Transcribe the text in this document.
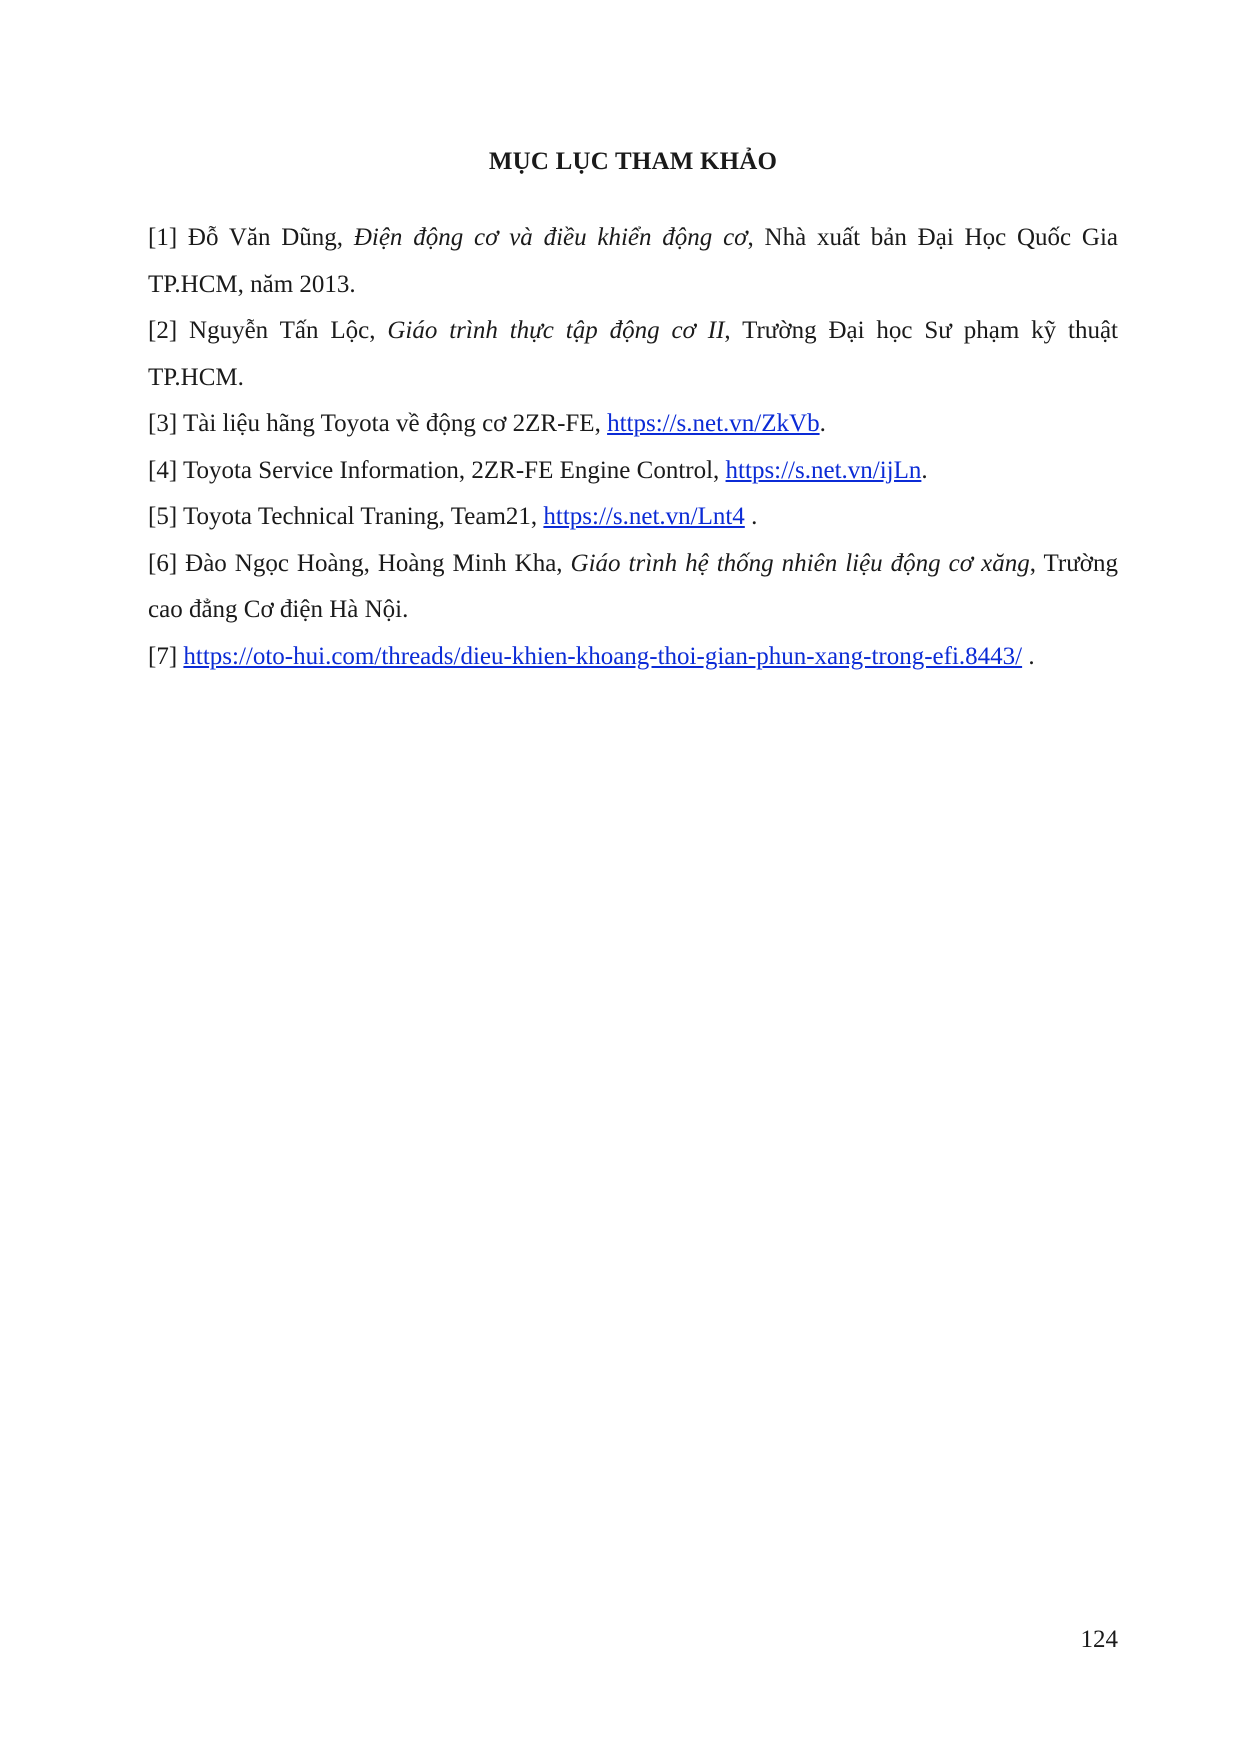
MỤC LỤC THAM KHẢO

[1] Đỗ Văn Dũng, Điện động cơ và điều khiển động cơ, Nhà xuất bản Đại Học Quốc Gia TP.HCM, năm 2013.

[2] Nguyễn Tấn Lộc, Giáo trình thực tập động cơ II, Trường Đại học Sư phạm kỹ thuật TP.HCM.

[3] Tài liệu hãng Toyota về động cơ 2ZR-FE, https://s.net.vn/ZkVb.

[4] Toyota Service Information, 2ZR-FE Engine Control, https://s.net.vn/ijLn.

[5] Toyota Technical Traning, Team21, https://s.net.vn/Lnt4 .

[6] Đào Ngọc Hoàng, Hoàng Minh Kha, Giáo trình hệ thống nhiên liệu động cơ xăng, Trường cao đẳng Cơ điện Hà Nội.

[7] https://oto-hui.com/threads/dieu-khien-khoang-thoi-gian-phun-xang-trong-efi.8443/ .

124
